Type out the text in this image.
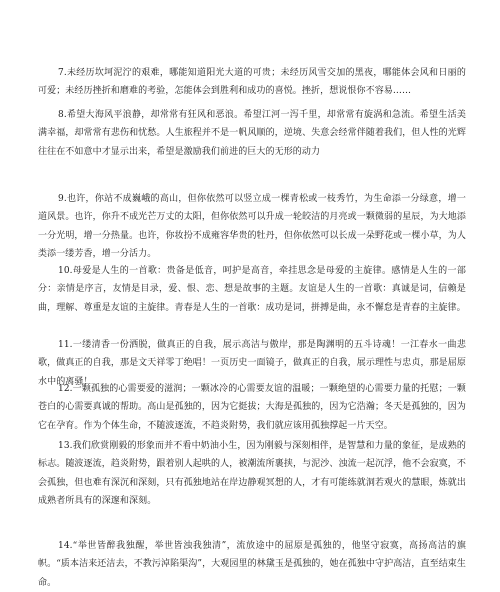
7.未经历坎坷泥泞的艰难，哪能知道阳光大道的可贵；未经历风雪交加的黑夜，哪能体会风和日丽的可爱；未经历挫折和磨难的考验，怎能体会到胜利和成功的喜悦。挫折，想说恨你不容易……

8.希望大海风平浪静，却常常有狂风和恶浪。希望江河一泻千里，却常常有旋涡和急流。希望生活美满幸福，却常常有悲伤和忧愁。人生旅程并不是一帆风顺的，逆境、失意会经常伴随着我们，但人性的光辉往往在不如意中才显示出来，希望是激励我们前进的巨大的无形的动力

9.也许，你站不成巍峨的高山，但你依然可以竖立成一棵青松或一枝秀竹，为生命添一分绿意，增一道风景。也许，你升不成光芒万丈的太阳，但你依然可以升成一轮皎洁的月亮或一颗微弱的星辰，为大地添一分光明，增一分热量。也许，你妆扮不成雍容华贵的牡丹，但你依然可以长成一朵野花或一棵小草，为人类添一缕芳香，增一分活力。

10.母爱是人生的一首歌：贵备是低音，呵护是高音，牵挂思念是母爱的主旋律。感情是人生的一部分：亲情是序言，友情是目录，爱、恨、恋、想是故事的主题。友谊是人生的一首歌：真诚是词，信赖是曲，理解、尊重是友谊的主旋律。青春是人生的一首歌：成功是词，拼搏是曲，永不懈怠是青春的主旋律。

11.一缕清香一份洒脱，做真正的自我，展示高洁与傲岸，那是陶渊明的五斗诗魂！一江春水一曲悲歌，做真正的自我，那是文天祥零丁绝唱！一页历史一面镜子，做真正的自我，展示理性与忠贞，那是屈原水中的离骚！

12.一颗孤独的心需要爱的滋润；一颗冰冷的心需要友谊的温暖；一颗绝望的心需要力量的托慰；一颗苍白的心需要真诚的帮助。高山是孤独的，因为它挺拔；大海是孤独的，因为它浩瀚；冬天是孤独的，因为它在孕育。作为个体生命，不随波逐流，不趋炎附势，我们就应该用孤独撑起一片天空。

13.我们欣赏刚毅的形象而并不看中奶油小生，因为刚毅与深刻相伴，是智慧和力量的象征，是成熟的标志。随波逐流，趋炎附势，跟着别人起哄的人，被潮流所裹挟，与泥沙、浊流一起沉浮，他不会寂寞，不会孤独，但也难有深沉和深刻，只有孤独地站在岸边静观冥想的人，才有可能练就洞若观火的慧眼，炼就出成熟者所具有的深邃和深刻。

14.“举世皆醉我独醒，举世皆浊我独清”，流放途中的屈原是孤独的，他坚守寂寞，高扬高洁的旗帜。“质本洁来还洁去，不教污淖陷渠沟”，大观园里的林黛玉是孤独的，她在孤独中守护高洁，直至结束生命。
